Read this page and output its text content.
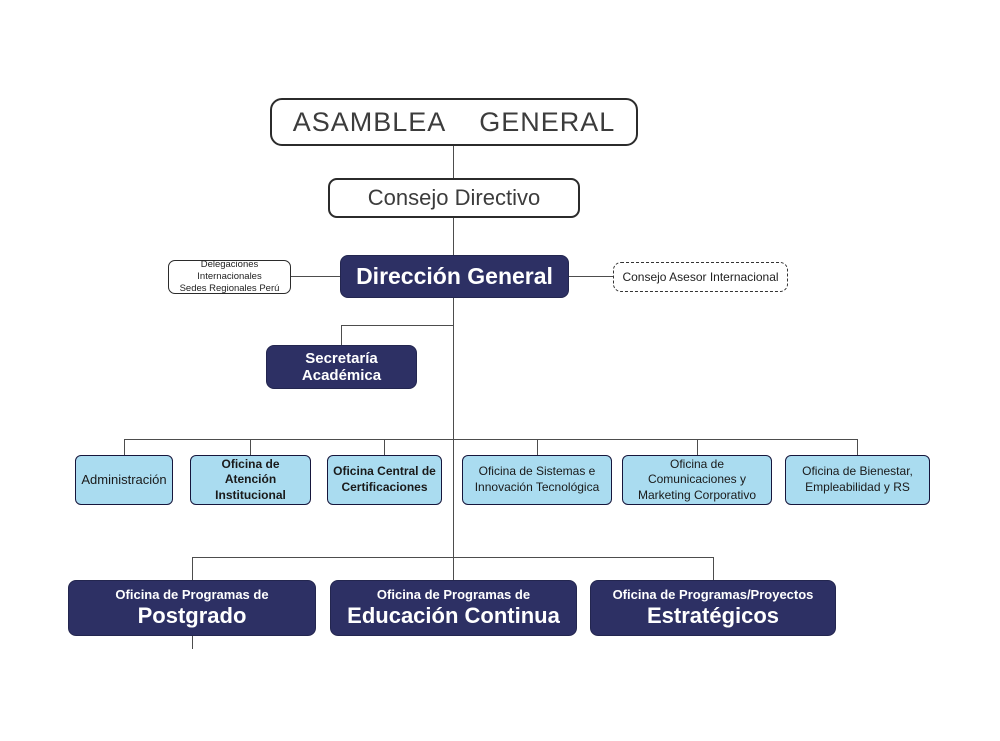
ASAMBLEA GENERAL
Consejo Directivo
Delegaciones Internacionales
Sedes Regionales Perú	Dirección General	Consejo Asesor Internacional
Secretaría Académica
Administración
Oficina de Atención Institucional
Oficina Central de Certificaciones
Oficina de Sistemas e Innovación Tecnológica
Oficina de Comunicaciones y Marketing Corporativo
Oficina de Bienestar, Empleabilidad y RS
Oficina de Programas de
Postgrado
Oficina de Programas de
Educación Continua
Oficina de Programas/Proyectos
Estratégicos
